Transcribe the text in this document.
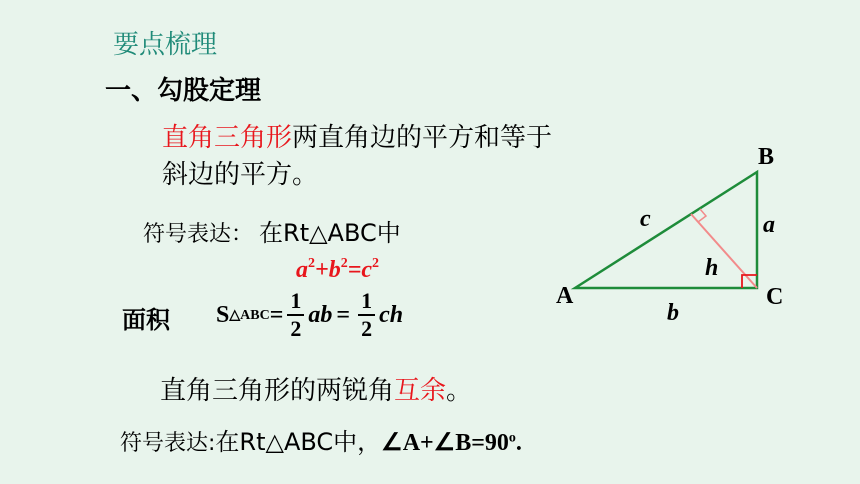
要点梳理
一、勾股定理
直角三角形两直角边的平方和等于
斜边的平方。
符号表达： 在Rt△ABC中
$a^2+b^2=c^2$
面积 S △ABC = $\frac{1}{2}$ ab = $\frac{1}{2}$ ch
直角三角形的两锐角互余。
符号表达:在Rt△ABC中，$\angle A+\angle B=90^o$.
A
B
C
a
b
c
h
